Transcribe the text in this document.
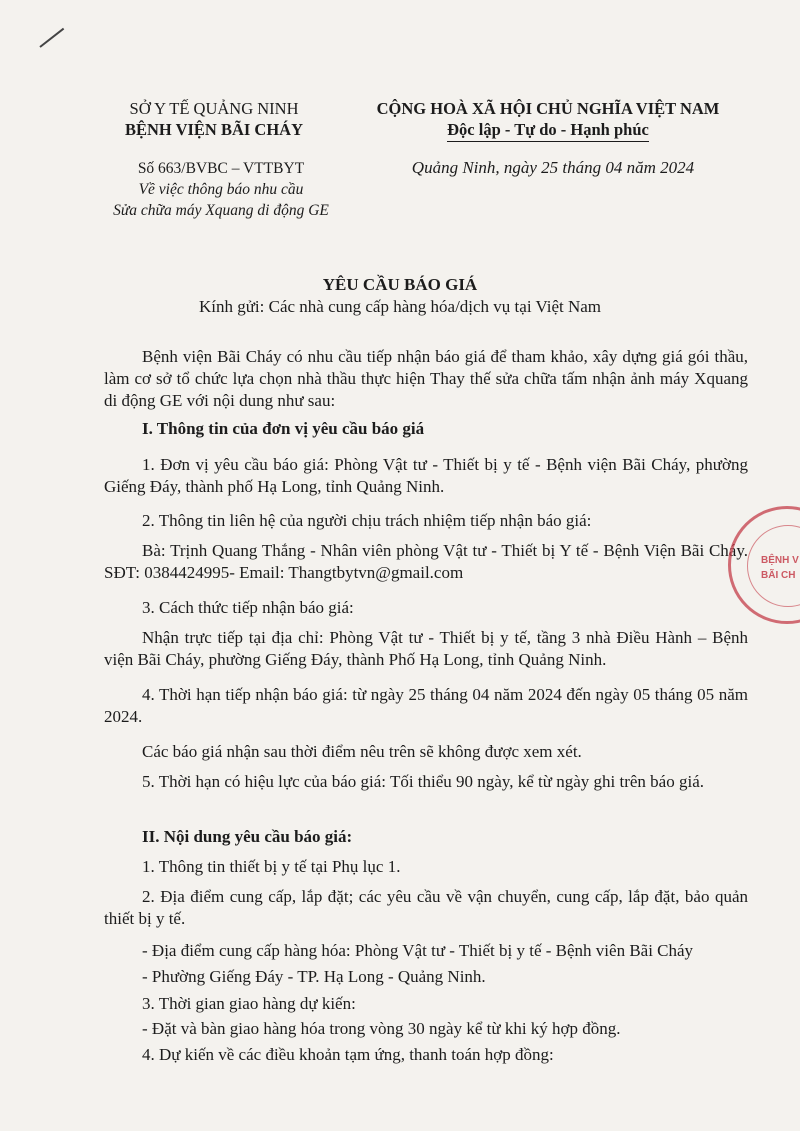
SỞ Y TẾ QUẢNG NINH
BỆNH VIỆN BÃI CHÁY
CỘNG HOÀ XÃ HỘI CHỦ NGHĨA VIỆT NAM
Độc lập - Tự do - Hạnh phúc
Số 663/BVBC – VTTBYT
Về việc thông báo nhu cầu
Sửa chữa máy Xquang di động GE
Quảng Ninh, ngày 25 tháng 04 năm 2024
YÊU CẦU BÁO GIÁ
Kính gửi: Các nhà cung cấp hàng hóa/dịch vụ tại Việt Nam
Bệnh viện Bãi Cháy có nhu cầu tiếp nhận báo giá để tham khảo, xây dựng giá gói thầu, làm cơ sở tổ chức lựa chọn nhà thầu thực hiện Thay thế sửa chữa tấm nhận ảnh máy Xquang di động GE với nội dung như sau:
I. Thông tin của đơn vị yêu cầu báo giá
1. Đơn vị yêu cầu báo giá: Phòng Vật tư - Thiết bị y tế - Bệnh viện Bãi Cháy, phường Giếng Đáy, thành phố Hạ Long, tỉnh Quảng Ninh.
2. Thông tin liên hệ của người chịu trách nhiệm tiếp nhận báo giá:
Bà: Trịnh Quang Thắng - Nhân viên phòng Vật tư - Thiết bị Y tế - Bệnh Viện Bãi Cháy. SĐT: 0384424995- Email: Thangtbytvn@gmail.com
3. Cách thức tiếp nhận báo giá:
Nhận trực tiếp tại địa chỉ: Phòng Vật tư - Thiết bị y tế, tầng 3 nhà Điều Hành – Bệnh viện Bãi Cháy, phường Giếng Đáy, thành Phố Hạ Long, tỉnh Quảng Ninh.
4. Thời hạn tiếp nhận báo giá: từ ngày 25 tháng 04 năm 2024 đến ngày 05 tháng 05 năm 2024.
Các báo giá nhận sau thời điểm nêu trên sẽ không được xem xét.
5. Thời hạn có hiệu lực của báo giá: Tối thiểu 90 ngày, kể từ ngày ghi trên báo giá.
II. Nội dung yêu cầu báo giá:
1. Thông tin thiết bị y tế tại Phụ lục 1.
2. Địa điểm cung cấp, lắp đặt; các yêu cầu về vận chuyển, cung cấp, lắp đặt, bảo quản thiết bị y tế.
- Địa điểm cung cấp hàng hóa: Phòng Vật tư - Thiết bị y tế - Bệnh viên Bãi Cháy
- Phường Giếng Đáy - TP. Hạ Long - Quảng Ninh.
3. Thời gian giao hàng dự kiến:
- Đặt và bàn giao hàng hóa trong vòng 30 ngày kể từ khi ký hợp đồng.
4. Dự kiến về các điều khoản tạm ứng, thanh toán hợp đồng:
BỆNH V
BÃI CH
